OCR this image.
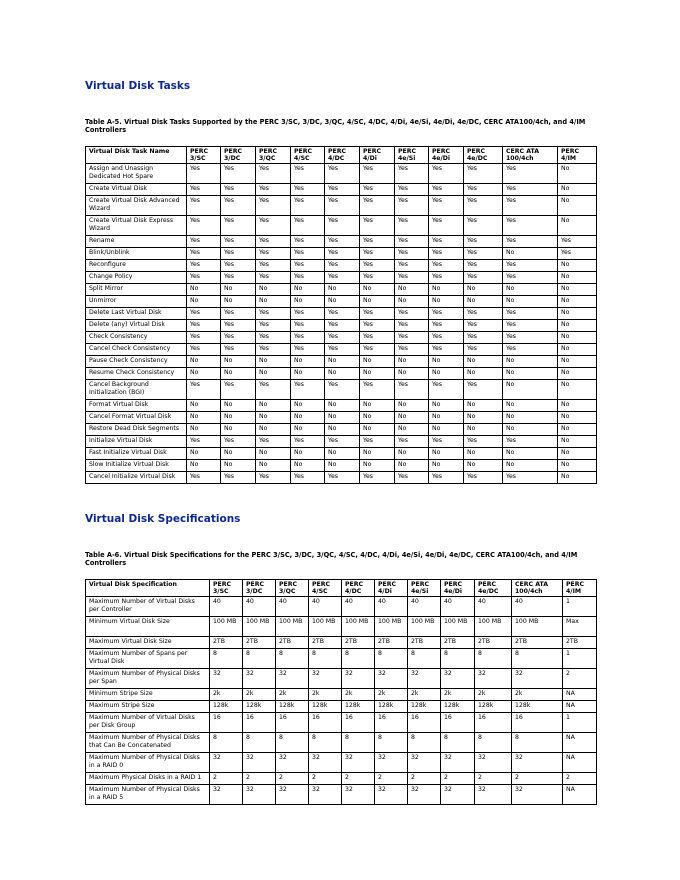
Virtual Disk Tasks
Table A-5. Virtual Disk Tasks Supported by the PERC 3/SC, 3/DC, 3/QC, 4/SC, 4/DC, 4/Di, 4e/Si, 4e/Di, 4e/DC, CERC ATA100/4ch, and 4/IM Controllers
Virtual Disk Task Name	PERC 3/SC	PERC 3/DC	PERC 3/QC	PERC 4/SC	PERC 4/DC	PERC 4/Di	PERC 4e/Si	PERC 4e/Di	PERC 4e/DC	CERC ATA 100/4ch	PERC 4/IM
Assign and Unassign Dedicated Hot Spare	Yes	Yes	Yes	Yes	Yes	Yes	Yes	Yes	Yes	Yes	No
Create Virtual Disk	Yes	Yes	Yes	Yes	Yes	Yes	Yes	Yes	Yes	Yes	No
Create Virtual Disk Advanced Wizard	Yes	Yes	Yes	Yes	Yes	Yes	Yes	Yes	Yes	Yes	No
Create Virtual Disk Express Wizard	Yes	Yes	Yes	Yes	Yes	Yes	Yes	Yes	Yes	Yes	No
Rename	Yes	Yes	Yes	Yes	Yes	Yes	Yes	Yes	Yes	Yes	Yes
Blink/Unblink	Yes	Yes	Yes	Yes	Yes	Yes	Yes	Yes	Yes	No	Yes
Reconfigure	Yes	Yes	Yes	Yes	Yes	Yes	Yes	Yes	Yes	Yes	No
Change Policy	Yes	Yes	Yes	Yes	Yes	Yes	Yes	Yes	Yes	Yes	No
Split Mirror	No	No	No	No	No	No	No	No	No	No	No
Unmirror	No	No	No	No	No	No	No	No	No	No	No
Delete Last Virtual Disk	Yes	Yes	Yes	Yes	Yes	Yes	Yes	Yes	Yes	Yes	No
Delete (any) Virtual Disk	Yes	Yes	Yes	Yes	Yes	Yes	Yes	Yes	Yes	Yes	No
Check Consistency	Yes	Yes	Yes	Yes	Yes	Yes	Yes	Yes	Yes	Yes	No
Cancel Check Consistency	Yes	Yes	Yes	Yes	Yes	Yes	Yes	Yes	Yes	Yes	No
Pause Check Consistency	No	No	No	No	No	No	No	No	No	No	No
Resume Check Consistency	No	No	No	No	No	No	No	No	No	No	No
Cancel Background Initialization (BGI)	Yes	Yes	Yes	Yes	Yes	Yes	Yes	Yes	Yes	No	No
Format Virtual Disk	No	No	No	No	No	No	No	No	No	No	No
Cancel Format Virtual Disk	No	No	No	No	No	No	No	No	No	No	No
Restore Dead Disk Segments	No	No	No	No	No	No	No	No	No	No	No
Initialize Virtual Disk	Yes	Yes	Yes	Yes	Yes	Yes	Yes	Yes	Yes	Yes	No
Fast Initialize Virtual Disk	No	No	No	No	No	No	No	No	No	No	No
Slow Initialize Virtual Disk	No	No	No	No	No	No	No	No	No	No	No
Cancel Initialize Virtual Disk	Yes	Yes	Yes	Yes	Yes	Yes	Yes	Yes	Yes	Yes	No
Virtual Disk Specifications
Table A-6. Virtual Disk Specifications for the PERC 3/SC, 3/DC, 3/QC, 4/SC, 4/DC, 4/Di, 4e/Si, 4e/Di, 4e/DC, CERC ATA100/4ch, and 4/IM Controllers
Virtual Disk Specification	PERC 3/SC	PERC 3/DC	PERC 3/QC	PERC 4/SC	PERC 4/DC	PERC 4/Di	PERC 4e/Si	PERC 4e/Di	PERC 4e/DC	CERC ATA 100/4ch	PERC 4/IM
Maximum Number of Virtual Disks per Controller	40	40	40	40	40	40	40	40	40	40	1
Minimum Virtual Disk Size	100 MB	100 MB	100 MB	100 MB	100 MB	100 MB	100 MB	100 MB	100 MB	100 MB	Max
Maximum Virtual Disk Size	2TB	2TB	2TB	2TB	2TB	2TB	2TB	2TB	2TB	2TB	2TB
Maximum Number of Spans per Virtual Disk	8	8	8	8	8	8	8	8	8	8	1
Maximum Number of Physical Disks per Span	32	32	32	32	32	32	32	32	32	32	2
Minimum Stripe Size	2k	2k	2k	2k	2k	2k	2k	2k	2k	2k	NA
Maximum Stripe Size	128k	128k	128k	128k	128k	128k	128k	128k	128k	128k	NA
Maximum Number of Virtual Disks per Disk Group	16	16	16	16	16	16	16	16	16	16	1
Maximum Number of Physical Disks that Can Be Concatenated	8	8	8	8	8	8	8	8	8	8	NA
Maximum Number of Physical Disks in a RAID 0	32	32	32	32	32	32	32	32	32	32	NA
Maximum Physical Disks in a RAID 1	2	2	2	2	2	2	2	2	2	2	2
Maximum Number of Physical Disks in a RAID 5	32	32	32	32	32	32	32	32	32	32	NA
